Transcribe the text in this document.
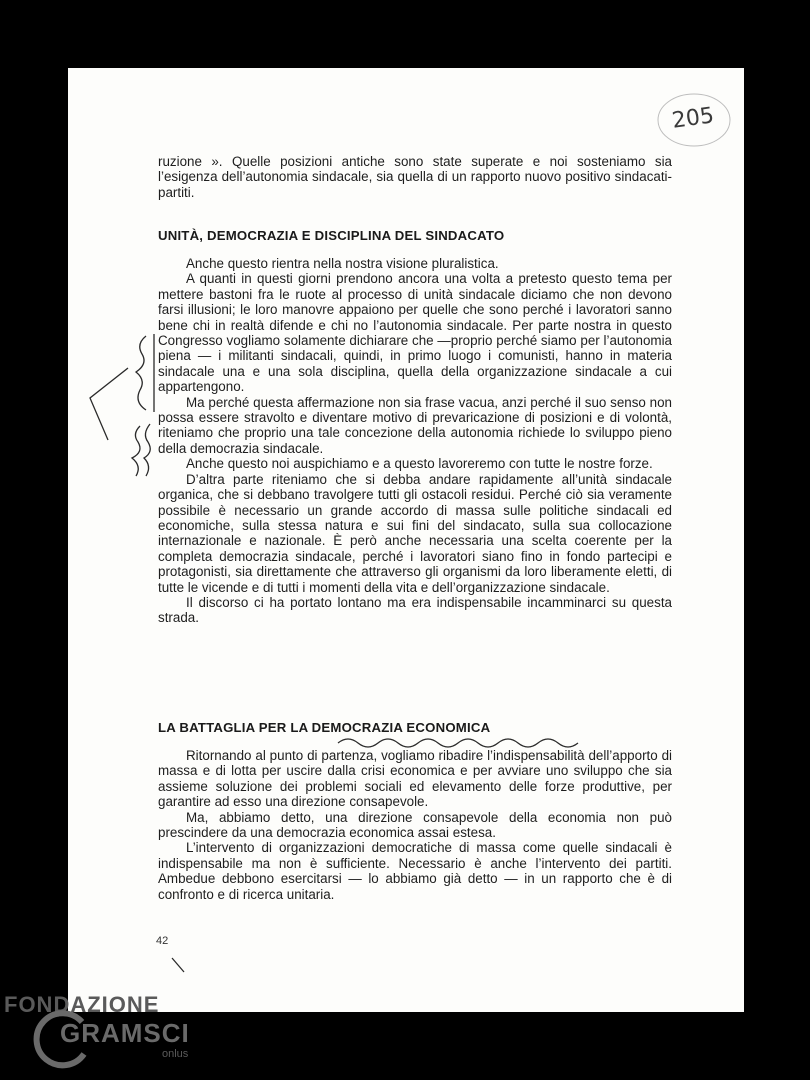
205

ruzione ». Quelle posizioni antiche sono state superate e noi sosteniamo sia l’esigenza dell’autonomia sindacale, sia quella di un rapporto nuovo positivo sindacati-partiti.

UNITÀ, DEMOCRAZIA E DISCIPLINA DEL SINDACATO

Anche questo rientra nella nostra visione pluralistica.

A quanti in questi giorni prendono ancora una volta a pretesto questo tema per mettere bastoni fra le ruote al processo di unità sindacale diciamo che non devono farsi illusioni; le loro manovre appaiono per quelle che sono perché i lavoratori sanno bene chi in realtà difende e chi no l’autonomia sindacale. Per parte nostra in questo Congresso vogliamo solamente dichiarare che —proprio perché siamo per l’autonomia piena — i militanti sindacali, quindi, in primo luogo i comunisti, hanno in materia sindacale una e una sola disciplina, quella della organizzazione sindacale a cui appartengono.

Ma perché questa affermazione non sia frase vacua, anzi perché il suo senso non possa essere stravolto e diventare motivo di prevaricazione di posizioni e di volontà, riteniamo che proprio una tale concezione della autonomia richiede lo sviluppo pieno della democrazia sindacale.

Anche questo noi auspichiamo e a questo lavoreremo con tutte le nostre forze.

D’altra parte riteniamo che si debba andare rapidamente all’unità sindacale organica, che si debbano travolgere tutti gli ostacoli residui. Perché ciò sia veramente possibile è necessario un grande accordo di massa sulle politiche sindacali ed economiche, sulla stessa natura e sui fini del sindacato, sulla sua collocazione internazionale e nazionale. È però anche necessaria una scelta coerente per la completa democrazia sindacale, perché i lavoratori siano fino in fondo partecipi e protagonisti, sia direttamente che attraverso gli organismi da loro liberamente eletti, di tutte le vicende e di tutti i momenti della vita e dell’organizzazione sindacale.

Il discorso ci ha portato lontano ma era indispensabile incamminarci su questa strada.

LA BATTAGLIA PER LA DEMOCRAZIA ECONOMICA

Ritornando al punto di partenza, vogliamo ribadire l’indispensabilità dell’apporto di massa e di lotta per uscire dalla crisi economica e per avviare uno sviluppo che sia assieme soluzione dei problemi sociali ed elevamento delle forze produttive, per garantire ad esso una direzione consapevole.

Ma, abbiamo detto, una direzione consapevole della economia non può prescindere da una democrazia economica assai estesa.

L’intervento di organizzazioni democratiche di massa come quelle sindacali è indispensabile ma non è sufficiente. Necessario è anche l’intervento dei partiti. Ambedue debbono esercitarsi — lo abbiamo già detto — in un rapporto che è di confronto e di ricerca unitaria.

42
FONDAZIONE
GRAMSCI
onlus
